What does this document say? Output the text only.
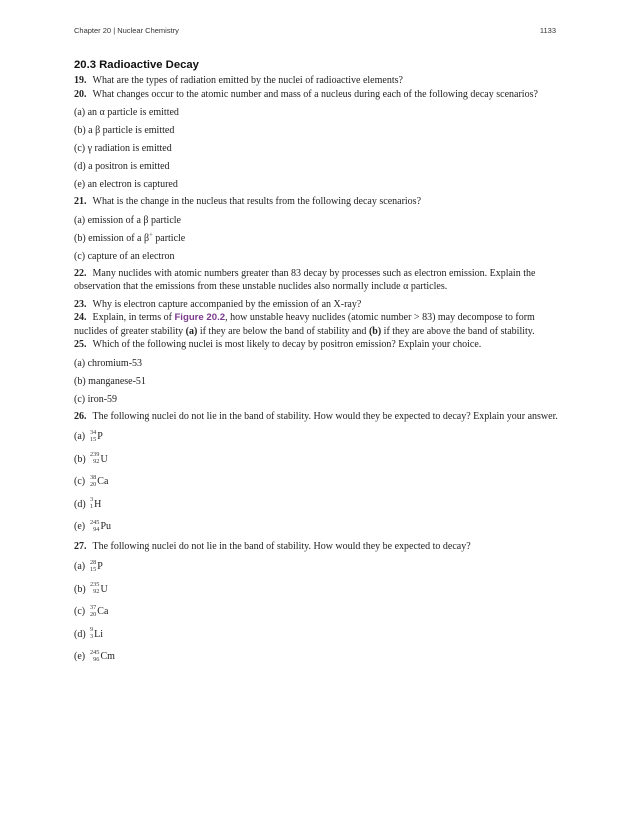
Chapter 20 | Nuclear Chemistry	1133
20.3 Radioactive Decay

19. What are the types of radiation emitted by the nuclei of radioactive elements?

20. What changes occur to the atomic number and mass of a nucleus during each of the following decay scenarios?

(a) an α particle is emitted

(b) a β particle is emitted

(c) γ radiation is emitted

(d) a positron is emitted

(e) an electron is captured

21. What is the change in the nucleus that results from the following decay scenarios?

(a) emission of a β particle

(b) emission of a β+ particle

(c) capture of an electron

22. Many nuclides with atomic numbers greater than 83 decay by processes such as electron emission. Explain the observation that the emissions from these unstable nuclides also normally include α particles.

23. Why is electron capture accompanied by the emission of an X-ray?

24. Explain, in terms of Figure 20.2, how unstable heavy nuclides (atomic number > 83) may decompose to form nuclides of greater stability (a) if they are below the band of stability and (b) if they are above the band of stability.

25. Which of the following nuclei is most likely to decay by positron emission? Explain your choice.

(a) chromium-53

(b) manganese-51

(c) iron-59

26. The following nuclei do not lie in the band of stability. How would they be expected to decay? Explain your answer.

(a) 34
15 P
(b) 239
92 U
(c) 38
20 Ca
(d) 3
1 H
(e) 245
94 Pu

27. The following nuclei do not lie in the band of stability. How would they be expected to decay?

(a) 28
15 P
(b) 235
92 U
(c) 37
20 Ca
(d) 9
3 Li
(e) 245
96 Cm
